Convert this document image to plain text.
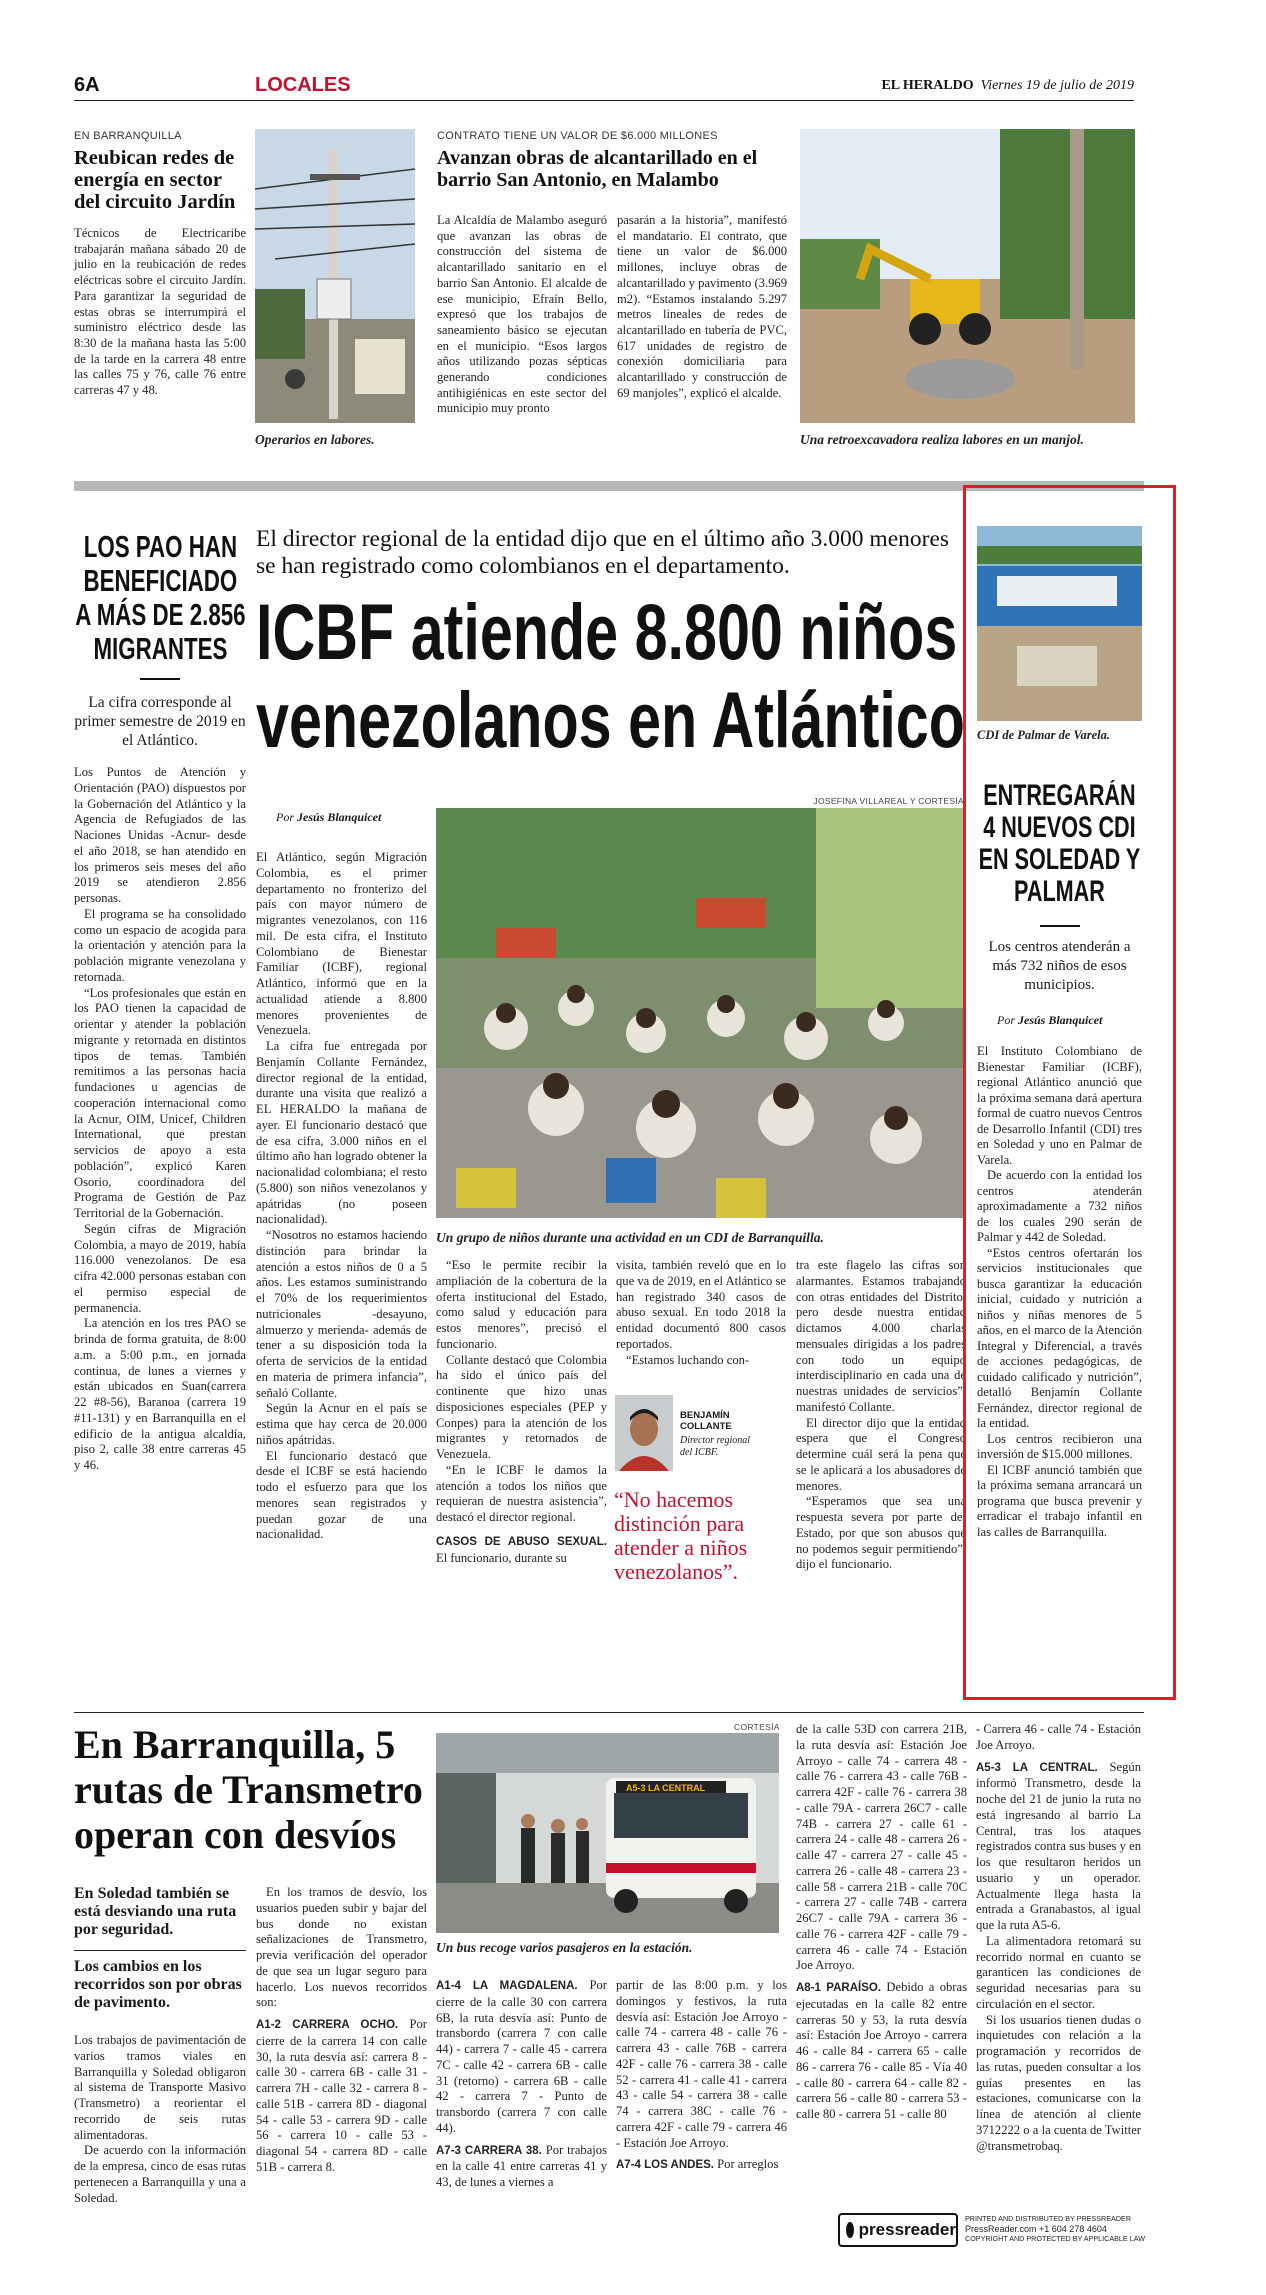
6A	LOCALES	EL HERALDO Viernes 19 de julio de 2019
EN BARRANQUILLA
Reubican redes de energía en sector del circuito Jardín
Técnicos de Electricaribe trabajarán mañana sábado 20 de julio en la reubicación de redes eléctricas sobre el circuito Jardín. Para garantizar la seguridad de estas obras se interrumpirá el suministro eléctrico desde las 8:30 de la mañana hasta las 5:00 de la tarde en la carrera 48 entre las calles 75 y 76, calle 76 entre carreras 47 y 48.
Operarios en labores.
CONTRATO TIENE UN VALOR DE $6.000 MILLONES
Avanzan obras de alcantarillado en el barrio San Antonio, en Malambo
La Alcaldía de Malambo aseguró que avanzan las obras de construcción del sistema de alcantarillado sanitario en el barrio San Antonio. El alcalde de ese municipio, Efraín Bello, expresó que los trabajos de saneamiento básico se ejecutan en el municipio. “Esos largos años utilizando pozas sépticas generando condiciones antihigiénicas en este sector del municipio muy pronto
pasarán a la historia”, manifestó el mandatario. El contrato, que tiene un valor de $6.000 millones, incluye obras de alcantarillado y pavimento (3.969 m2). “Estamos instalando 5.297 metros lineales de redes de alcantarillado en tubería de PVC, 617 unidades de registro de conexión domiciliaria para alcantarillado y construcción de 69 manjoles”, explicó el alcalde.
Una retroexcavadora realiza labores en un manjol.
LOS PAO HAN BENEFICIADO A MÁS DE 2.856 MIGRANTES
La cifra corresponde al primer semestre de 2019 en el Atlántico.

Los Puntos de Atención y Orientación (PAO) dispuestos por la Gobernación del Atlántico y la Agencia de Refugiados de las Naciones Unidas -Acnur- desde el año 2018, se han atendido en los primeros seis meses del año 2019 se atendieron 2.856 personas.

El programa se ha consolidado como un espacio de acogida para la orientación y atención para la población migrante venezolana y retornada.

“Los profesionales que están en los PAO tienen la capacidad de orientar y atender la población migrante y retornada en distintos tipos de temas. También remitimos a las personas hacia fundaciones u agencias de cooperación internacional como la Acnur, OIM, Unicef, Children International, que prestan servicios de apoyo a esta población”, explicó Karen Osorio, coordinadora del Programa de Gestión de Paz Territorial de la Gobernación.

Según cifras de Migración Colombia, a mayo de 2019, había 116.000 venezolanos. De esa cifra 42.000 personas estaban con el permiso especial de permanencia.

La atención en los tres PAO se brinda de forma gratuita, de 8:00 a.m. a 5:00 p.m., en jornada continua, de lunes a viernes y están ubicados en Suan(carrera 22 #8-56), Baranoa (carrera 19 #11-131) y en Barranquilla en el edificio de la antigua alcaldía, piso 2, calle 38 entre carreras 45 y 46.

El director regional de la entidad dijo que en el último año 3.000 menores se han registrado como colombianos en el departamento.
ICBF atiende 8.800 niños
venezolanos en Atlántico
JOSEFINA VILLAREAL Y CORTESÍA
Por Jesús Blanquicet
Un grupo de niños durante una actividad en un CDI de Barranquilla.

El Atlántico, según Migración Colombia, es el primer departamento no fronterizo del país con mayor número de migrantes venezolanos, con 116 mil. De esta cifra, el Instituto Colombiano de Bienestar Familiar (ICBF), regional Atlántico, informó que en la actualidad atiende a 8.800 menores provenientes de Venezuela.

La cifra fue entregada por Benjamín Collante Fernández, director regional de la entidad, durante una visita que realizó a EL HERALDO la mañana de ayer. El funcionario destacó que de esa cifra, 3.000 niños en el último año han logrado obtener la nacionalidad colombiana; el resto (5.800) son niños venezolanos y apátridas (no poseen nacionalidad).

“Nosotros no estamos haciendo distinción para brindar la atención a estos niños de 0 a 5 años. Les estamos suministrando el 70% de los requerimientos nutricionales -desayuno, almuerzo y merienda- además de tener a su disposición toda la oferta de servicios de la entidad en materia de primera infancia”, señaló Collante.

Según la Acnur en el país se estima que hay cerca de 20.000 niños apátridas.

El funcionario destacó que desde el ICBF se está haciendo todo el esfuerzo para que los menores sean registrados y puedan gozar de una nacionalidad.

“Eso le permite recibir la ampliación de la cobertura de la oferta institucional del Estado, como salud y educación para estos menores”, precisó el funcionario.

Collante destacó que Colombia ha sido el único país del continente que hizo unas disposiciones especiales (PEP y Conpes) para la atención de los migrantes y retornados de Venezuela.

“En le ICBF le damos la atención a todos los niños que requieran de nuestra asistencia”, destacó el director regional.

CASOS DE ABUSO SEXUAL. El funcionario, durante su

visita, también reveló que en lo que va de 2019, en el Atlántico se han registrado 340 casos de abuso sexual. En todo 2018 la entidad documentó 800 casos reportados.

“Estamos luchando con-

BENJAMÍN COLLANTE
Director regional del ICBF.
“No hacemos distinción para atender a niños venezolanos”.

tra este flagelo las cifras son alarmantes. Estamos trabajando con otras entidades del Distrito, pero desde nuestra entidad dictamos 4.000 charlas mensuales dirigidas a los padres con todo un equipo interdisciplinario en cada una de nuestras unidades de servicios”, manifestó Collante.

El director dijo que la entidad espera que el Congreso determine cuál será la pena que se le aplicará a los abusadores de menores.

“Esperamos que sea una respuesta severa por parte del Estado, por que son abusos que no podemos seguir permitiendo”, dijo el funcionario.

CDI de Palmar de Varela.
ENTREGARÁN 4 NUEVOS CDI EN SOLEDAD Y PALMAR
Los centros atenderán a más 732 niños de esos municipios.
Por Jesús Blanquicet

El Instituto Colombiano de Bienestar Familiar (ICBF), regional Atlántico anunció que la próxima semana dará apertura formal de cuatro nuevos Centros de Desarrollo Infantil (CDI) tres en Soledad y uno en Palmar de Varela.

De acuerdo con la entidad los centros atenderán aproximadamente a 732 niños de los cuales 290 serán de Palmar y 442 de Soledad.

“Estos centros ofertarán los servicios institucionales que busca garantizar la educación inicial, cuidado y nutrición a niños y niñas menores de 5 años, en el marco de la Atención Integral y Diferencial, a través de acciones pedagógicas, de cuidado calificado y nutrición”, detalló Benjamín Collante Fernández, director regional de la entidad.

Los centros recibieron una inversión de $15.000 millones.

El ICBF anunció también que la próxima semana arrancará un programa que busca prevenir y erradicar el trabajo infantil en las calles de Barranquilla.

En Barranquilla, 5 rutas de Transmetro operan con desvíos
En Soledad también se está desviando una ruta por seguridad.
Los cambios en los recorridos son por obras de pavimento.

Los trabajos de pavimentación de varios tramos viales en Barranquilla y Soledad obligaron al sistema de Transporte Masivo (Transmetro) a reorientar el recorrido de seis rutas alimentadoras.

De acuerdo con la información de la empresa, cinco de esas rutas pertenecen a Barranquilla y una a Soledad.

En los tramos de desvío, los usuarios pueden subir y bajar del bus donde no existan señalizaciones de Transmetro, previa verificación del operador de que sea un lugar seguro para hacerlo. Los nuevos recorridos son:

A1-2 CARRERA OCHO. Por cierre de la carrera 14 con calle 30, la ruta desvía así: carrera 8 - calle 30 - carrera 6B - calle 31 - carrera 7H - calle 32 - carrera 8 - calle 51B - carrera 8D - diagonal 54 - calle 53 - carrera 9D - calle 56 - carrera 10 - calle 53 - diagonal 54 - carrera 8D - calle 51B - carrera 8.

CORTESÍA
A5-3 LA CENTRAL
Un bus recoge varios pasajeros en la estación.

A1-4 LA MAGDALENA. Por cierre de la calle 30 con carrera 6B, la ruta desvía así: Punto de transbordo (carrera 7 con calle 44) - carrera 7 - calle 45 - carrera 7C - calle 42 - carrera 6B - calle 31 (retorno) - carrera 6B - calle 42 - carrera 7 - Punto de transbordo (carrera 7 con calle 44).

A7-3 CARRERA 38. Por trabajos en la calle 41 entre carreras 41 y 43, de lunes a viernes a

partir de las 8:00 p.m. y los domingos y festivos, la ruta desvía así: Estación Joe Arroyo - calle 74 - carrera 48 - calle 76 - carrera 43 - calle 76B - carrera 42F - calle 76 - carrera 38 - calle 52 - carrera 41 - calle 41 - carrera 43 - calle 54 - carrera 38 - calle 74 - carrera 38C - calle 76 - carrera 42F - calle 79 - carrera 46 - Estación Joe Arroyo.

A7-4 LOS ANDES. Por arreglos

de la calle 53D con carrera 21B, la ruta desvía así: Estación Joe Arroyo - calle 74 - carrera 48 - calle 76 - carrera 43 - calle 76B - carrera 42F - calle 76 - carrera 38 - calle 79A - carrera 26C7 - calle 74B - carrera 27 - calle 61 - carrera 24 - calle 48 - carrera 26 - calle 47 - carrera 27 - calle 45 - carrera 26 - calle 48 - carrera 23 - calle 58 - carrera 21B - calle 70C - carrera 27 - calle 74B - carrera 26C7 - calle 79A - carrera 36 - calle 76 - carrera 42F - calle 79 - carrera 46 - calle 74 - Estación Joe Arroyo.

A8-1 PARAÍSO. Debido a obras ejecutadas en la calle 82 entre carreras 50 y 53, la ruta desvía así: Estación Joe Arroyo - carrera 46 - calle 84 - carrera 65 - calle 86 - carrera 76 - calle 85 - Vía 40 - calle 80 - carrera 64 - calle 82 - carrera 56 - calle 80 - carrera 53 - calle 80 - carrera 51 - calle 80

- Carrera 46 - calle 74 - Estación Joe Arroyo.

A5-3 LA CENTRAL. Según informó Transmetro, desde la noche del 21 de junio la ruta no está ingresando al barrio La Central, tras los ataques registrados contra sus buses y en los que resultaron heridos un usuario y un operador. Actualmente llega hasta la entrada a Granabastos, al igual que la ruta A5-6.

La alimentadora retomará su recorrido normal en cuanto se garanticen las condiciones de seguridad necesarias para su circulación en el sector.

Si los usuarios tienen dudas o inquietudes con relación a la programación y recorridos de las rutas, pueden consultar a los guías presentes en las estaciones, comunicarse con la línea de atención al cliente 3712222 o a la cuenta de Twitter @transmetrobaq.

pressreader
PRINTED AND DISTRIBUTED BY PRESSREADER
PressReader.com +1 604 278 4604
COPYRIGHT AND PROTECTED BY APPLICABLE LAW
